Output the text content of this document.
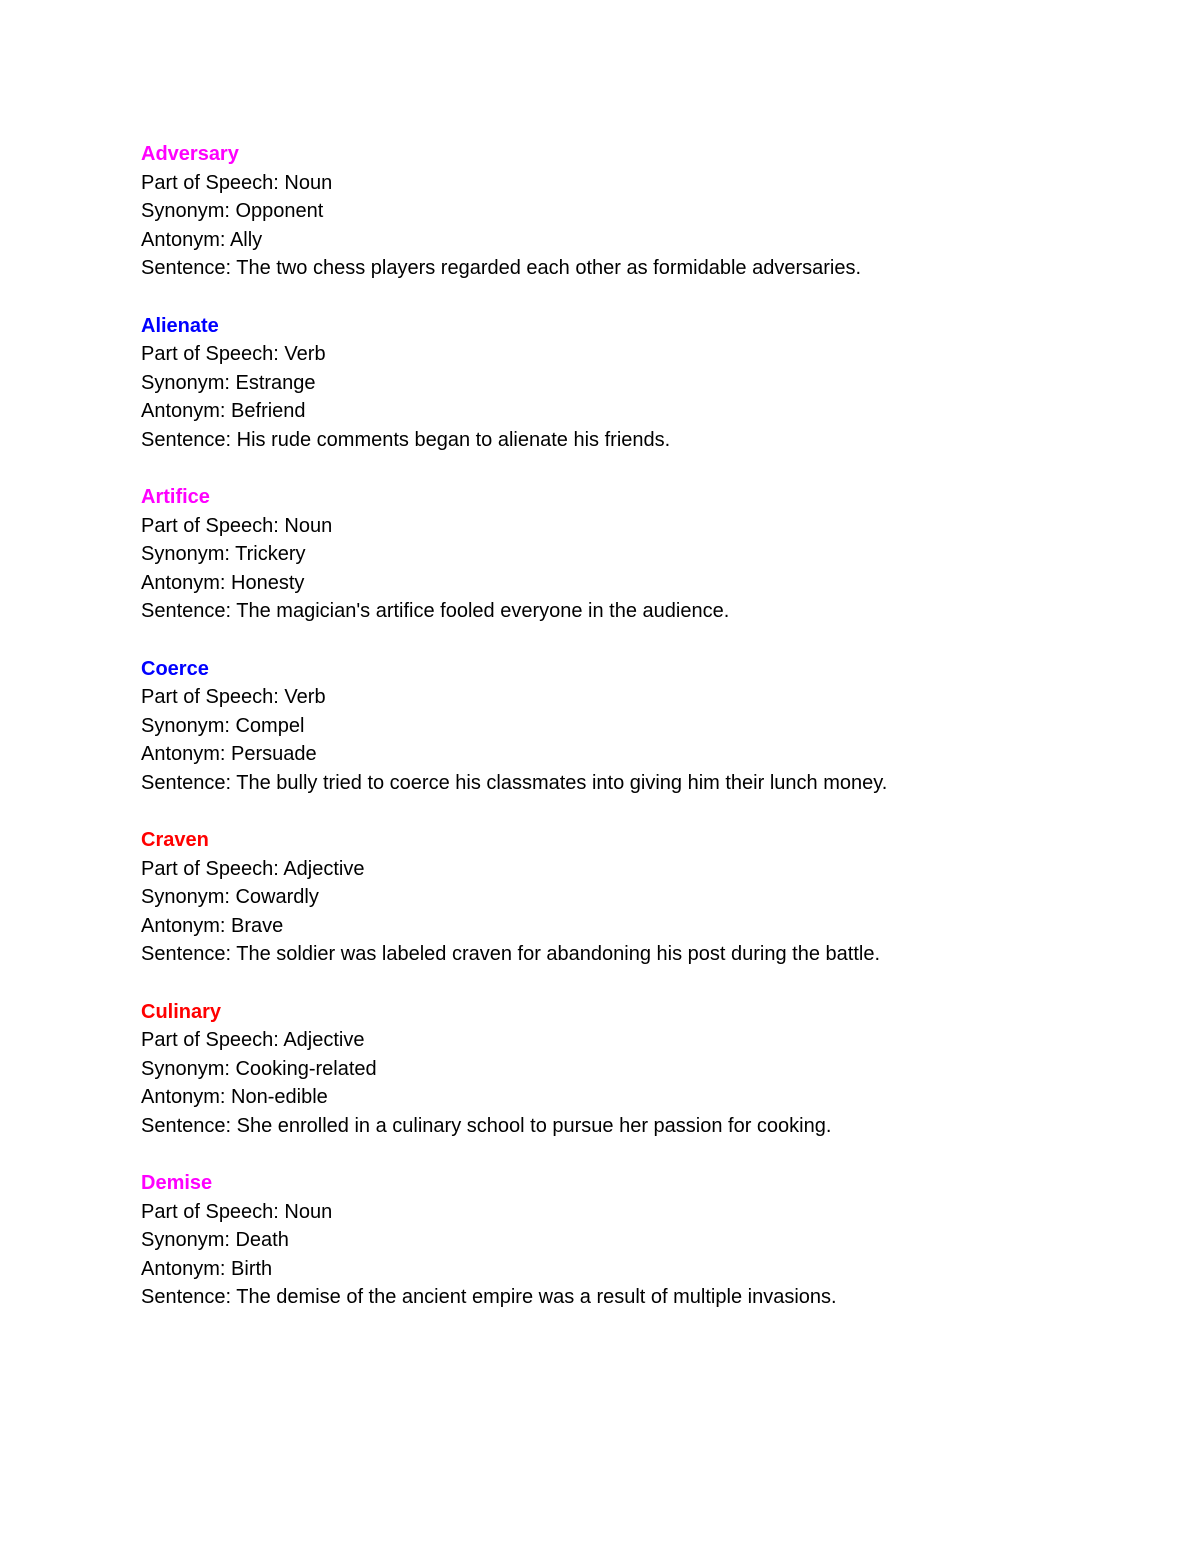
Adversary
Part of Speech: Noun
Synonym: Opponent
Antonym: Ally
Sentence: The two chess players regarded each other as formidable adversaries.
Alienate
Part of Speech: Verb
Synonym: Estrange
Antonym: Befriend
Sentence: His rude comments began to alienate his friends.
Artifice
Part of Speech: Noun
Synonym: Trickery
Antonym: Honesty
Sentence: The magician's artifice fooled everyone in the audience.
Coerce
Part of Speech: Verb
Synonym: Compel
Antonym: Persuade
Sentence: The bully tried to coerce his classmates into giving him their lunch money.
Craven
Part of Speech: Adjective
Synonym: Cowardly
Antonym: Brave
Sentence: The soldier was labeled craven for abandoning his post during the battle.
Culinary
Part of Speech: Adjective
Synonym: Cooking-related
Antonym: Non-edible
Sentence: She enrolled in a culinary school to pursue her passion for cooking.
Demise
Part of Speech: Noun
Synonym: Death
Antonym: Birth
Sentence: The demise of the ancient empire was a result of multiple invasions.
